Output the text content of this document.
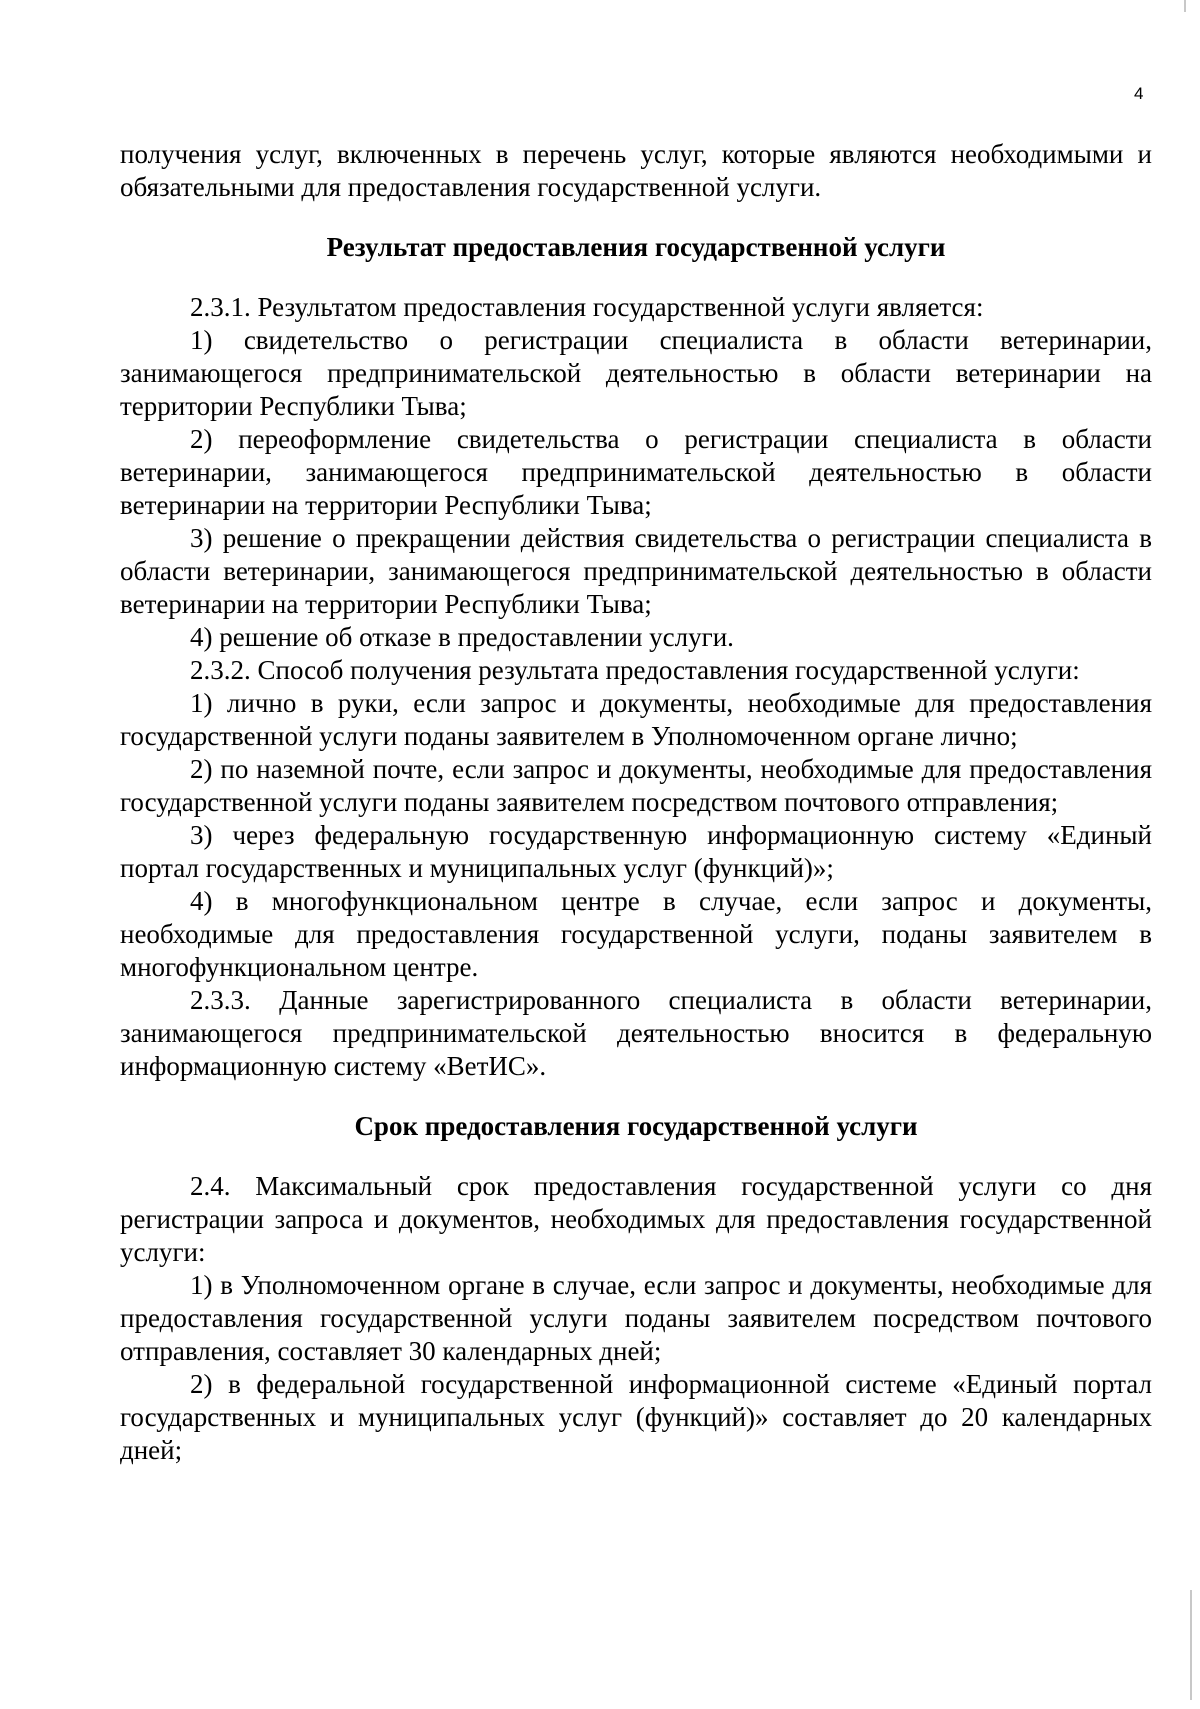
4

получения услуг, включенных в перечень услуг, которые являются необходимыми и обязательными для предоставления государственной услуги.

Результат предоставления государственной услуги

2.3.1. Результатом предоставления государственной услуги является:

1) свидетельство о регистрации специалиста в области ветеринарии, занимающегося предпринимательской деятельностью в области ветеринарии на территории Республики Тыва;

2) переоформление свидетельства о регистрации специалиста в области ветеринарии, занимающегося предпринимательской деятельностью в области ветеринарии на территории Республики Тыва;

3) решение о прекращении действия свидетельства о регистрации специалиста в области ветеринарии, занимающегося предпринимательской деятельностью в области ветеринарии на территории Республики Тыва;

4) решение об отказе в предоставлении услуги.

2.3.2. Способ получения результата предоставления государственной услуги:

1) лично в руки, если запрос и документы, необходимые для предоставления государственной услуги поданы заявителем в Уполномоченном органе лично;

2) по наземной почте, если запрос и документы, необходимые для предоставления государственной услуги поданы заявителем посредством почтового отправления;

3) через федеральную государственную информационную систему «Единый портал государственных и муниципальных услуг (функций)»;

4) в многофункциональном центре в случае, если запрос и документы, необходимые для предоставления государственной услуги, поданы заявителем в многофункциональном центре.

2.3.3. Данные зарегистрированного специалиста в области ветеринарии, занимающегося предпринимательской деятельностью вносится в федеральную информационную систему «ВетИС».

Срок предоставления государственной услуги

2.4. Максимальный срок предоставления государственной услуги со дня регистрации запроса и документов, необходимых для предоставления государственной услуги:

1) в Уполномоченном органе в случае, если запрос и документы, необходимые для предоставления государственной услуги поданы заявителем посредством почтового отправления, составляет 30 календарных дней;

2) в федеральной государственной информационной системе «Единый портал государственных и муниципальных услуг (функций)» составляет до 20 календарных дней;
